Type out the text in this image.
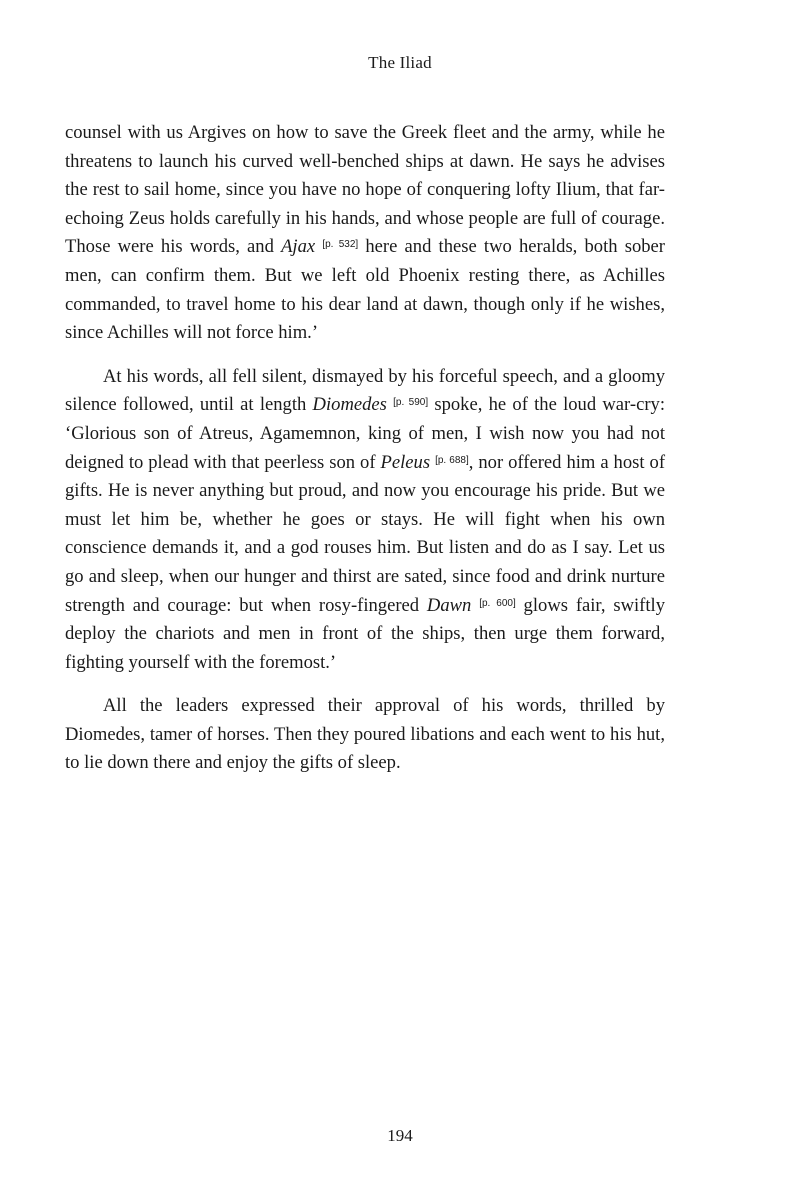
The Iliad

counsel with us Argives on how to save the Greek fleet and the army, while he threatens to launch his curved well-benched ships at dawn. He says he advises the rest to sail home, since you have no hope of conquering lofty Ilium, that far-echoing Zeus holds carefully in his hands, and whose people are full of courage. Those were his words, and Ajax [p. 532] here and these two heralds, both sober men, can confirm them. But we left old Phoenix resting there, as Achilles commanded, to travel home to his dear land at dawn, though only if he wishes, since Achilles will not force him.’

At his words, all fell silent, dismayed by his forceful speech, and a gloomy silence followed, until at length Diomedes [p. 590] spoke, he of the loud war-cry: ‘Glorious son of Atreus, Agamemnon, king of men, I wish now you had not deigned to plead with that peerless son of Peleus [p. 688], nor offered him a host of gifts. He is never anything but proud, and now you encourage his pride. But we must let him be, whether he goes or stays. He will fight when his own conscience demands it, and a god rouses him. But listen and do as I say. Let us go and sleep, when our hunger and thirst are sated, since food and drink nurture strength and courage: but when rosy-fingered Dawn [p. 600] glows fair, swiftly deploy the chariots and men in front of the ships, then urge them forward, fighting yourself with the foremost.’

All the leaders expressed their approval of his words, thrilled by Diomedes, tamer of horses. Then they poured libations and each went to his hut, to lie down there and enjoy the gifts of sleep.

194
